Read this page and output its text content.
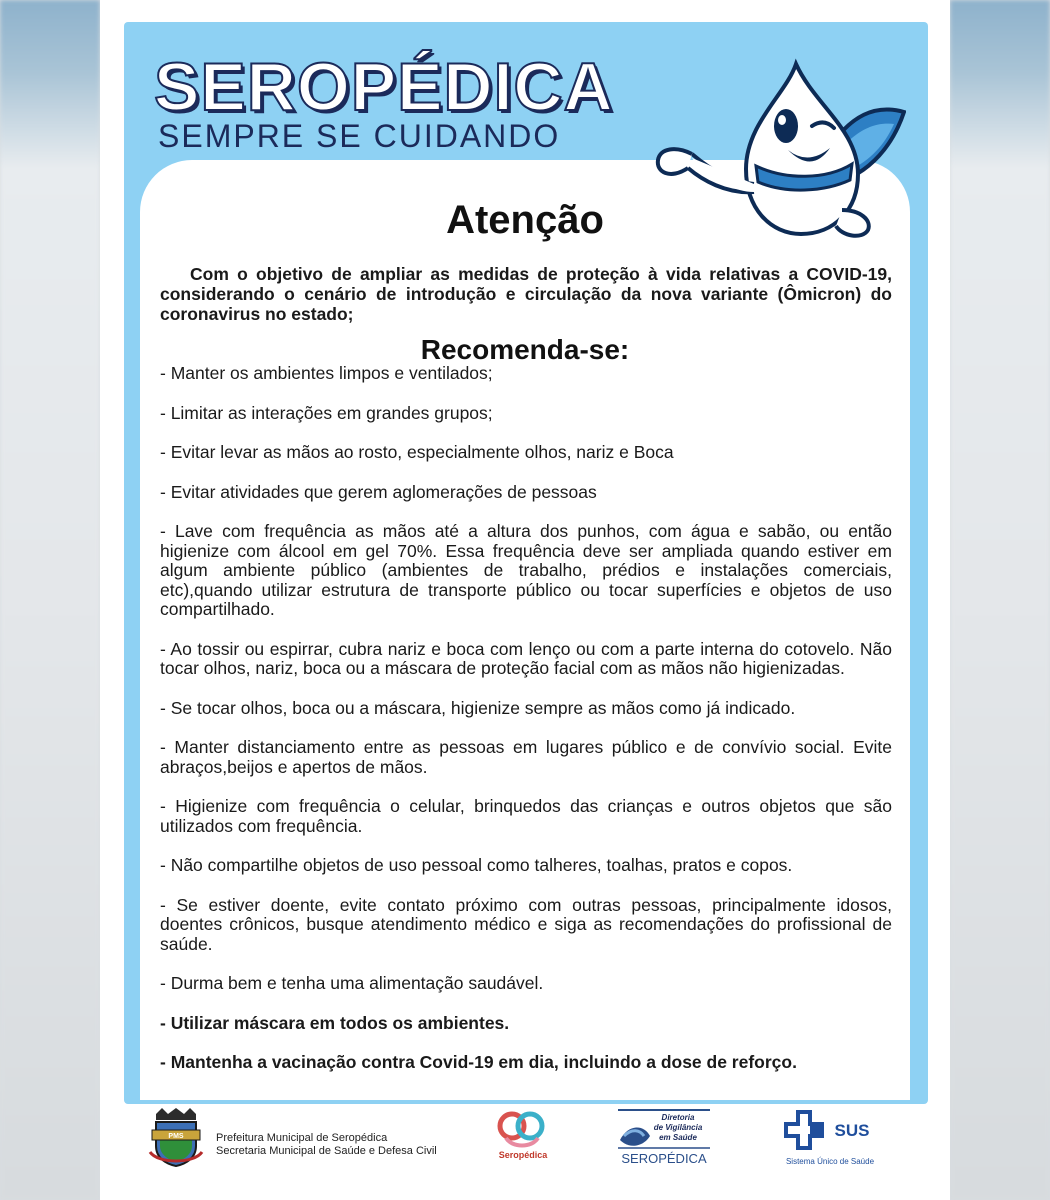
SEROPÉDICA
SEMPRE SE CUIDANDO
Atenção
Com o objetivo de ampliar as medidas de proteção à vida relativas a COVID-19, considerando o cenário de introdução e circulação da nova variante (Ômicron) do coronavirus no estado;
Recomenda-se:
- Manter os ambientes limpos e ventilados;
- Limitar as interações em grandes grupos;
- Evitar levar as mãos ao rosto, especialmente olhos, nariz e Boca
- Evitar atividades que gerem aglomerações de pessoas
- Lave com frequência as mãos até a altura dos punhos, com água e sabão, ou então higienize com álcool em gel 70%. Essa frequência deve ser ampliada quando estiver em algum ambiente público (ambientes de trabalho, prédios e instalações comerciais, etc),quando utilizar estrutura de transporte público ou tocar superfícies e objetos de uso compartilhado.
- Ao tossir ou espirrar, cubra nariz e boca com lenço ou com a parte interna do cotovelo. Não tocar olhos, nariz, boca ou a máscara de proteção facial com as mãos não higienizadas.
- Se tocar olhos, boca ou a máscara, higienize sempre as mãos como já indicado.
- Manter distanciamento entre as pessoas em lugares público e de convívio social. Evite abraços,beijos e apertos de mãos.
- Higienize com frequência o celular, brinquedos das crianças e outros objetos que são utilizados com frequência.
- Não compartilhe objetos de uso pessoal como talheres, toalhas, pratos e copos.
- Se estiver doente, evite contato próximo com outras pessoas, principalmente idosos, doentes crônicos, busque atendimento médico e siga as recomendações do profissional de saúde.
- Durma bem e tenha uma alimentação saudável.
- Utilizar máscara em todos os ambientes.
- Mantenha a vacinação contra Covid-19 em dia, incluindo a dose de reforço.
PMS	Prefeitura Municipal de Seropédica
Secretaria Municipal de Saúde e Defesa Civil	Seropédica
Diretoria
de Vigilância
em Saúde
SEROPÉDICA
SUS
Sistema Único de Saúde
